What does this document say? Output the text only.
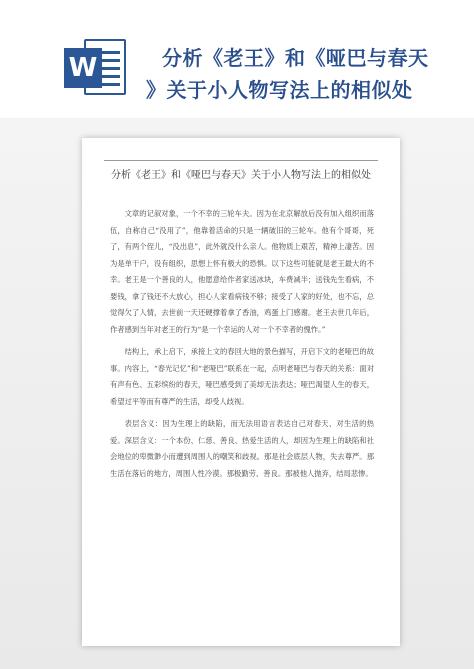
W	分析《老王》和《哑巴与春天
》关于小人物写法上的相似处
分析《老王》和《哑巴与春天》关于小人物写法上的相似处

文章的记叙对象，一个不幸的三轮车夫。因为在北京解放后没有加入组织而落伍，自称自己“没用了”，他靠着活命的只是一辆破旧的三轮车。他有个哥哥，死了，有两个侄儿，“没出息”，此外就没什么亲人。他物质上艰苦，精神上凄苦。因为是单干户，没有组织，思想上怀有极大的恐惧。以下这些可能就是老王最大的不幸。老王是一个善良的人，他愿意给作者家送冰块，车费减半；送钱先生看病，不要钱，拿了钱还不大放心，担心人家看病钱不够；接受了人家的好处，也不忘，总觉得欠了人情，去世前一天还硬撑着拿了香油，鸡蛋上门感谢。老王去世几年后，作者感到当年对老王的行为“是一个幸运的人对一个不幸者的愧怍。”

结构上，承上启下，承接上文的春回大地的景色描写，开启下文的老哑巴的故事。内容上，“春光记忆”和“老哑巴”联系在一起，点明老哑巴与春天的关系：面对有声有色、五彩缤纷的春天，哑巴感受到了美却无法表达；哑巴渴望人生的春天，希望过平等而有尊严的生活，却受人歧视。

表层含义：因为生理上的缺陷，而无法用语言表达自己对春天、对生活的热爱。深层含义：一个本份、仁慈、善良、热爱生活的人，却因为生理上的缺陷和社会地位的卑微渺小而遭到周围人的嘲笑和歧视。那是社会底层人物，失去尊严。那生活在落后的地方，周围人性冷漠。那极勤劳、善良。那被他人抛弃，结局悲惨。
